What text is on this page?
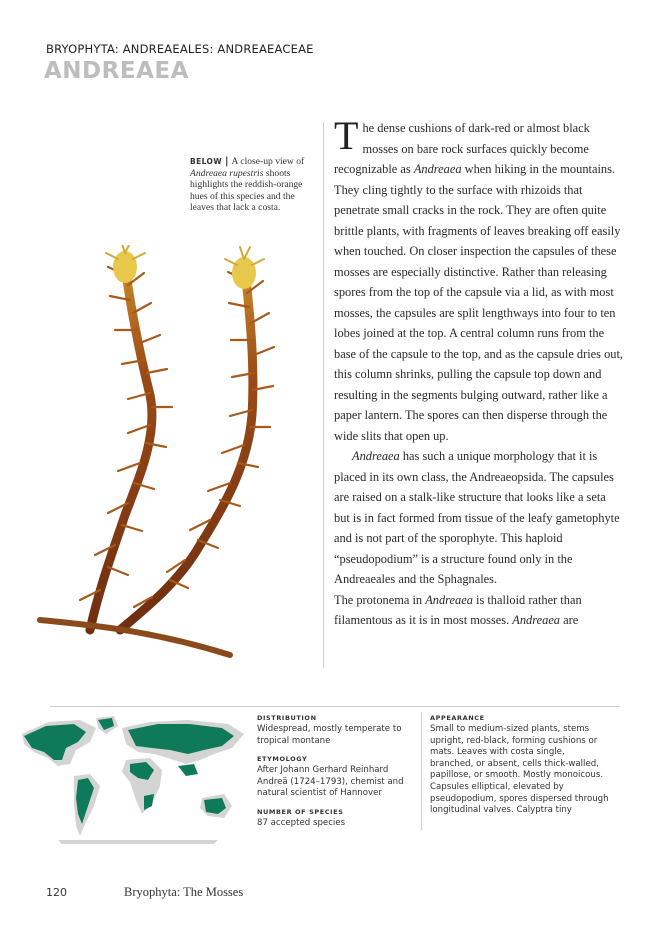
BRYOPHYTA: ANDREAEALES: ANDREAEACEAE
ANDREAEA
BELOW | A close-up view of Andreaea rupestris shoots highlights the reddish-orange hues of this species and the leaves that lack a costa.

The dense cushions of dark-red or almost black mosses on bare rock surfaces quickly become recognizable as Andreaea when hiking in the mountains. They cling tightly to the surface with rhizoids that penetrate small cracks in the rock. They are often quite brittle plants, with fragments of leaves breaking off easily when touched. On closer inspection the capsules of these mosses are especially distinctive. Rather than releasing spores from the top of the capsule via a lid, as with most mosses, the capsules are split lengthways into four to ten lobes joined at the top. A central column runs from the base of the capsule to the top, and as the capsule dries out, this column shrinks, pulling the capsule top down and resulting in the segments bulging outward, rather like a paper lantern. The spores can then disperse through the wide slits that open up.

Andreaea has such a unique morphology that it is placed in its own class, the Andreaeopsida. The capsules are raised on a stalk-like structure that looks like a seta but is in fact formed from tissue of the leafy gametophyte and is not part of the sporophyte. This haploid “pseudopodium” is a structure found only in the Andreaeales and the Sphagnales.

The protonema in Andreaea is thalloid rather than filamentous as it is in most mosses. Andreaea are

DISTRIBUTION
Widespread, mostly temperate to tropical montane
ETYMOLOGY
After Johann Gerhard Reinhard Andreä (1724–1793), chemist and natural scientist of Hannover
NUMBER OF SPECIES
87 accepted species
APPEARANCE
Small to medium-sized plants, stems upright, red-black, forming cushions or mats. Leaves with costa single, branched, or absent, cells thick-walled, papillose, or smooth. Mostly monoicous. Capsules elliptical, elevated by pseudopodium, spores dispersed through longitudinal valves. Calyptra tiny
120	Bryophyta: The Mosses
